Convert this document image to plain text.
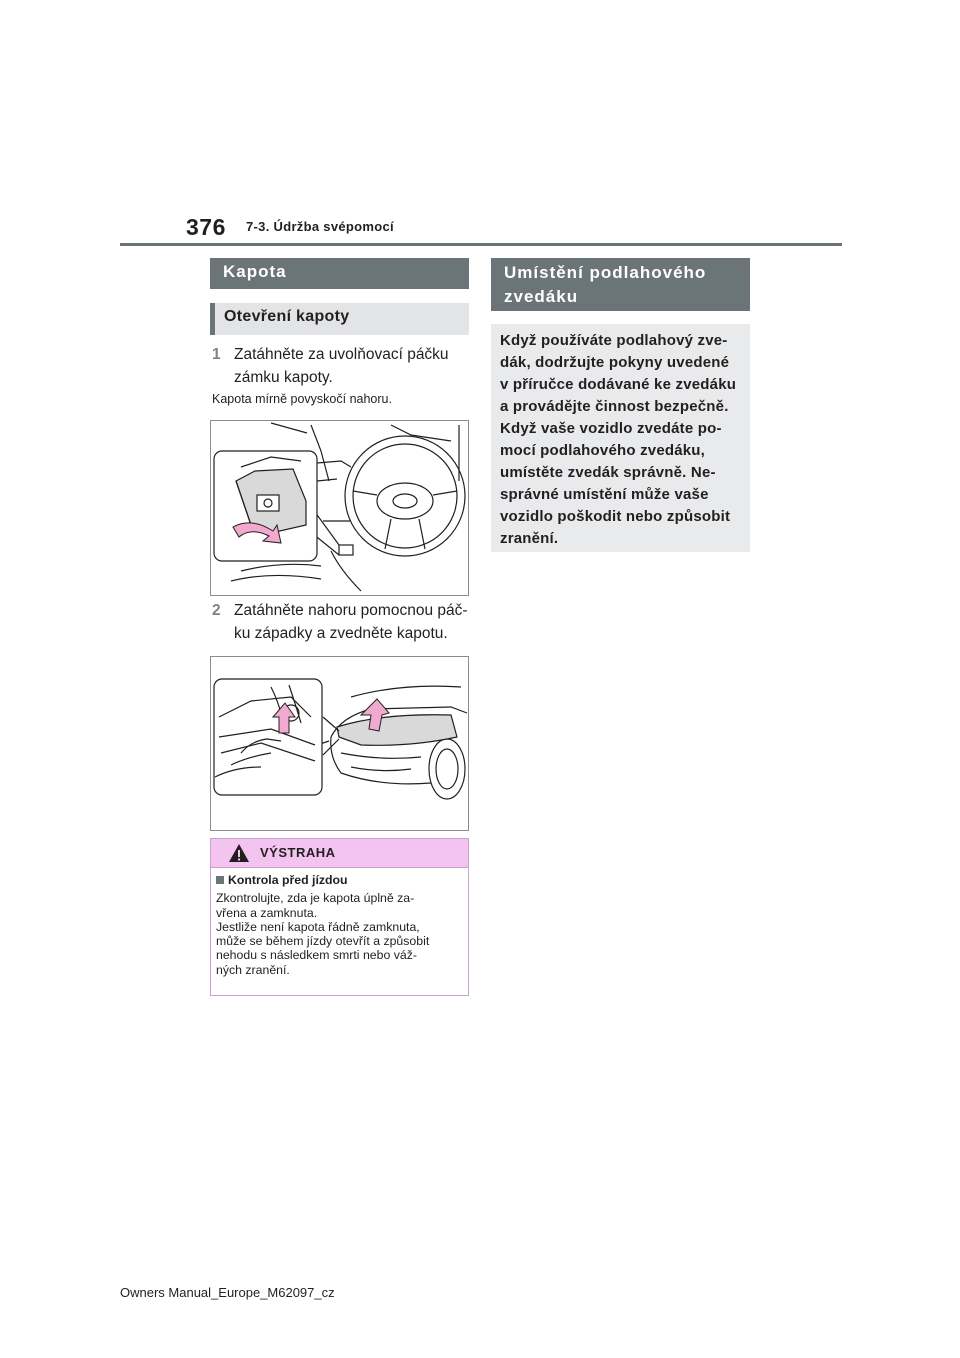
376 7-3. Údržba svépomocí
Kapota
Otevření kapoty
1 Zatáhněte za uvolňovací páčku zámku kapoty.
Kapota mírně povyskočí nahoru.
2 Zatáhněte nahoru pomocnou páč- ku západky a zvedněte kapotu.
VÝSTRAHA
Kontrola před jízdou
Zkontrolujte, zda je kapota úplně za-
vřena a zamknuta.
Jestliže není kapota řádně zamknuta,
může se během jízdy otevřít a způsobit
nehodu s následkem smrti nebo váž-
ných zranění.
Umístění podlahového zvedáku
Když používáte podlahový zve-
dák, dodržujte pokyny uvedené
v příručce dodávané ke zvedáku
a provádějte činnost bezpečně.
Když vaše vozidlo zvedáte po-
mocí podlahového zvedáku,
umístěte zvedák správně. Ne-
správné umístění může vaše
vozidlo poškodit nebo způsobit
zranění.
Owners Manual_Europe_M62097_cz
